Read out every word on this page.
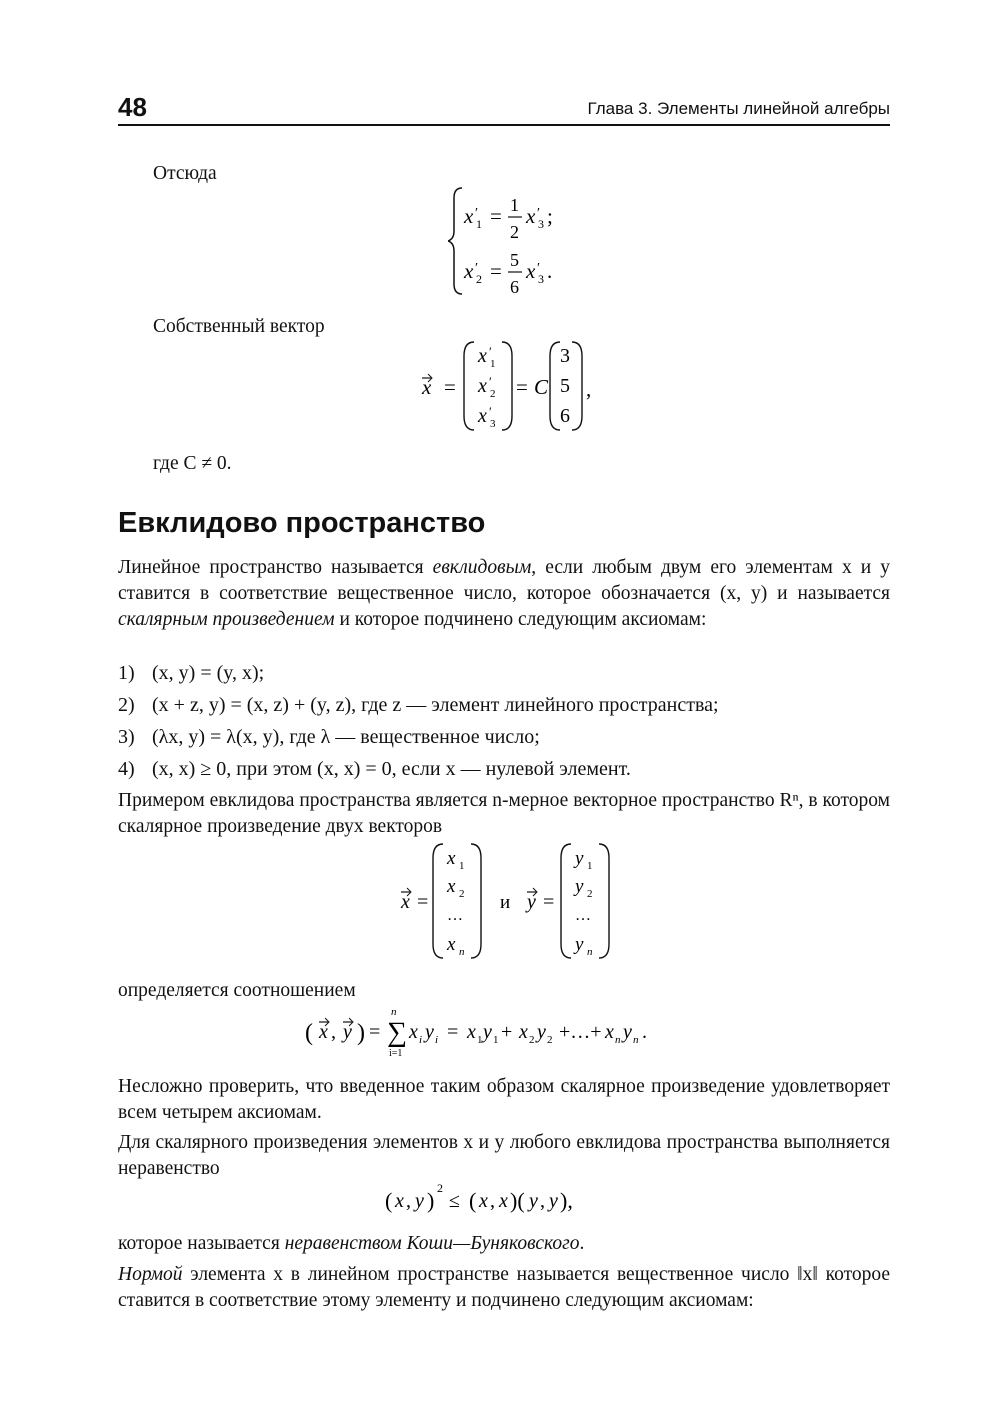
48	Глава 3. Элементы линейной алгебры
Отсюда
x ′
1 = 1
2
x ′
3 ;
x ′
2 = 5
6
x ′
3 .
Собственный вектор
x =
x ′
1
x ′
2
x ′
3
= C
3
5
6
,
где C ≠ 0.
Евклидово пространство
Линейное пространство называется евклидовым, если любым двум его элементам x и y ставится в соответствие вещественное число, которое обозначается (x, y) и называется скалярным произведением и которое подчинено следующим аксиомам:
1) (x, y) = (y, x);
2) (x + z, y) = (x, z) + (y, z), где z — элемент линейного пространства;
3) (λx, y) = λ(x, y), где λ — вещественное число;
4) (x, x) ≥ 0, при этом (x, x) = 0, если x — нулевой элемент.
Примером евклидова пространства является n-мерное векторное пространство Rⁿ, в котором скалярное произведение двух векторов
x =
x 1
x 2
…
x n
и y =
y 1
y 2
…
y n
определяется соотношением
( x , y ) =
n
∑
i=1
x i y i = x 1 y 1 + x 2 y 2 +…+ x n y n .
Несложно проверить, что введенное таким образом скалярное произведение удовлетворяет всем четырем аксиомам.
Для скалярного произведения элементов x и y любого евклидова пространства выполняется неравенство
( x , y ) 2
≤ ( x , x )( y , y ),
которое называется неравенством Коши—Буняковского.
Нормой элемента x в линейном пространстве называется вещественное число ‖x‖ которое ставится в соответствие этому элементу и подчинено следующим аксиомам:
